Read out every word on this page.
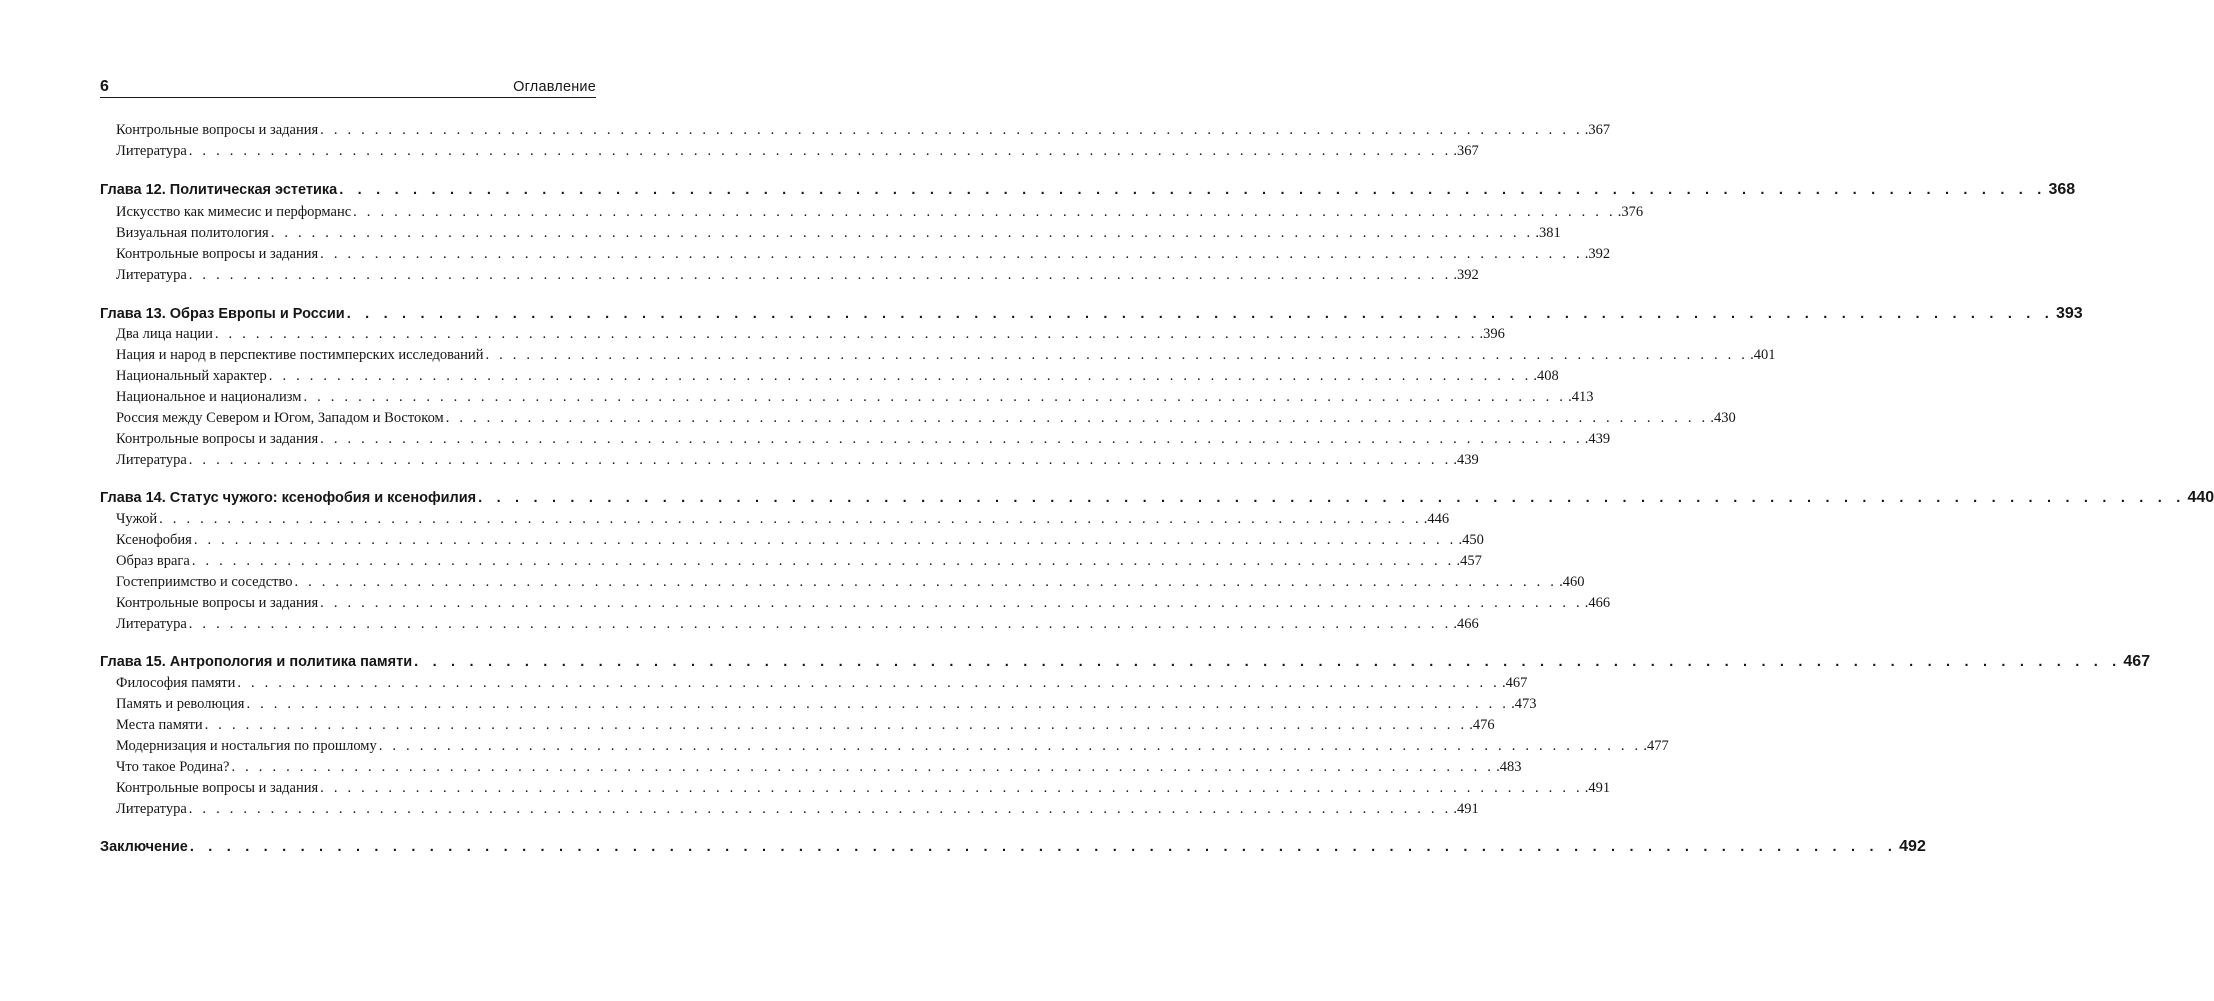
6	Оглавление
Контрольные вопросы и задания . . . . . . . . . . . . . . . . . . . . . . . . . . . . . . . . . . . . . . . . . . . . . . . . . . . . . . . . . . . . . . . . . . . . . . . . . . . . . . . . . . . . . . . . . . . . . .367
Литература . . . . . . . . . . . . . . . . . . . . . . . . . . . . . . . . . . . . . . . . . . . . . . . . . . . . . . . . . . . . . . . . . . . . . . . . . . . . . . . . . . . . . . . . . . . . . .367
Глава 12. Политическая эстетика . . . . . . . . . . . . . . . . . . . . . . . . . . . . . . . . . . . . . . . . . . . . . . . . . . . . . . . . . . . . . . . . . . . . . . . . . . . . . . . . . . . . . . . . . . . . . 368
Искусство как мимесис и перформанс . . . . . . . . . . . . . . . . . . . . . . . . . . . . . . . . . . . . . . . . . . . . . . . . . . . . . . . . . . . . . . . . . . . . . . . . . . . . . . . . . . . . . . . . . . . . . .376
Визуальная политология . . . . . . . . . . . . . . . . . . . . . . . . . . . . . . . . . . . . . . . . . . . . . . . . . . . . . . . . . . . . . . . . . . . . . . . . . . . . . . . . . . . . . . . . . . . . . .381
Контрольные вопросы и задания . . . . . . . . . . . . . . . . . . . . . . . . . . . . . . . . . . . . . . . . . . . . . . . . . . . . . . . . . . . . . . . . . . . . . . . . . . . . . . . . . . . . . . . . . . . . . .392
Литература . . . . . . . . . . . . . . . . . . . . . . . . . . . . . . . . . . . . . . . . . . . . . . . . . . . . . . . . . . . . . . . . . . . . . . . . . . . . . . . . . . . . . . . . . . . . . .392
Глава 13. Образ Европы и России . . . . . . . . . . . . . . . . . . . . . . . . . . . . . . . . . . . . . . . . . . . . . . . . . . . . . . . . . . . . . . . . . . . . . . . . . . . . . . . . . . . . . . . . . . . . . 393
Два лица нации . . . . . . . . . . . . . . . . . . . . . . . . . . . . . . . . . . . . . . . . . . . . . . . . . . . . . . . . . . . . . . . . . . . . . . . . . . . . . . . . . . . . . . . . . . . . . .396
Нация и народ в перспективе постимперских исследований . . . . . . . . . . . . . . . . . . . . . . . . . . . . . . . . . . . . . . . . . . . . . . . . . . . . . . . . . . . . . . . . . . . . . . . . . . . . . . . . . . . . . . . . . . . . . .401
Национальный характер . . . . . . . . . . . . . . . . . . . . . . . . . . . . . . . . . . . . . . . . . . . . . . . . . . . . . . . . . . . . . . . . . . . . . . . . . . . . . . . . . . . . . . . . . . . . . .408
Национальное и национализм . . . . . . . . . . . . . . . . . . . . . . . . . . . . . . . . . . . . . . . . . . . . . . . . . . . . . . . . . . . . . . . . . . . . . . . . . . . . . . . . . . . . . . . . . . . . . .413
Россия между Севером и Югом, Западом и Востоком . . . . . . . . . . . . . . . . . . . . . . . . . . . . . . . . . . . . . . . . . . . . . . . . . . . . . . . . . . . . . . . . . . . . . . . . . . . . . . . . . . . . . . . . . . . . . .430
Контрольные вопросы и задания . . . . . . . . . . . . . . . . . . . . . . . . . . . . . . . . . . . . . . . . . . . . . . . . . . . . . . . . . . . . . . . . . . . . . . . . . . . . . . . . . . . . . . . . . . . . . .439
Литература . . . . . . . . . . . . . . . . . . . . . . . . . . . . . . . . . . . . . . . . . . . . . . . . . . . . . . . . . . . . . . . . . . . . . . . . . . . . . . . . . . . . . . . . . . . . . .439
Глава 14. Статус чужого: ксенофобия и ксенофилия . . . . . . . . . . . . . . . . . . . . . . . . . . . . . . . . . . . . . . . . . . . . . . . . . . . . . . . . . . . . . . . . . . . . . . . . . . . . . . . . . . . . . . . . . . . . . 440
Чужой . . . . . . . . . . . . . . . . . . . . . . . . . . . . . . . . . . . . . . . . . . . . . . . . . . . . . . . . . . . . . . . . . . . . . . . . . . . . . . . . . . . . . . . . . . . . . .446
Ксенофобия . . . . . . . . . . . . . . . . . . . . . . . . . . . . . . . . . . . . . . . . . . . . . . . . . . . . . . . . . . . . . . . . . . . . . . . . . . . . . . . . . . . . . . . . . . . . . .450
Образ врага . . . . . . . . . . . . . . . . . . . . . . . . . . . . . . . . . . . . . . . . . . . . . . . . . . . . . . . . . . . . . . . . . . . . . . . . . . . . . . . . . . . . . . . . . . . . . .457
Гостеприимство и соседство . . . . . . . . . . . . . . . . . . . . . . . . . . . . . . . . . . . . . . . . . . . . . . . . . . . . . . . . . . . . . . . . . . . . . . . . . . . . . . . . . . . . . . . . . . . . . .460
Контрольные вопросы и задания . . . . . . . . . . . . . . . . . . . . . . . . . . . . . . . . . . . . . . . . . . . . . . . . . . . . . . . . . . . . . . . . . . . . . . . . . . . . . . . . . . . . . . . . . . . . . .466
Литература . . . . . . . . . . . . . . . . . . . . . . . . . . . . . . . . . . . . . . . . . . . . . . . . . . . . . . . . . . . . . . . . . . . . . . . . . . . . . . . . . . . . . . . . . . . . . .466
Глава 15. Антропология и политика памяти . . . . . . . . . . . . . . . . . . . . . . . . . . . . . . . . . . . . . . . . . . . . . . . . . . . . . . . . . . . . . . . . . . . . . . . . . . . . . . . . . . . . . . . . . . . . . 467
Философия памяти . . . . . . . . . . . . . . . . . . . . . . . . . . . . . . . . . . . . . . . . . . . . . . . . . . . . . . . . . . . . . . . . . . . . . . . . . . . . . . . . . . . . . . . . . . . . . .467
Память и революция . . . . . . . . . . . . . . . . . . . . . . . . . . . . . . . . . . . . . . . . . . . . . . . . . . . . . . . . . . . . . . . . . . . . . . . . . . . . . . . . . . . . . . . . . . . . . .473
Места памяти . . . . . . . . . . . . . . . . . . . . . . . . . . . . . . . . . . . . . . . . . . . . . . . . . . . . . . . . . . . . . . . . . . . . . . . . . . . . . . . . . . . . . . . . . . . . . .476
Модернизация и ностальгия по прошлому . . . . . . . . . . . . . . . . . . . . . . . . . . . . . . . . . . . . . . . . . . . . . . . . . . . . . . . . . . . . . . . . . . . . . . . . . . . . . . . . . . . . . . . . . . . . . .477
Что такое Родина? . . . . . . . . . . . . . . . . . . . . . . . . . . . . . . . . . . . . . . . . . . . . . . . . . . . . . . . . . . . . . . . . . . . . . . . . . . . . . . . . . . . . . . . . . . . . . .483
Контрольные вопросы и задания . . . . . . . . . . . . . . . . . . . . . . . . . . . . . . . . . . . . . . . . . . . . . . . . . . . . . . . . . . . . . . . . . . . . . . . . . . . . . . . . . . . . . . . . . . . . . .491
Литература . . . . . . . . . . . . . . . . . . . . . . . . . . . . . . . . . . . . . . . . . . . . . . . . . . . . . . . . . . . . . . . . . . . . . . . . . . . . . . . . . . . . . . . . . . . . . .491
Заключение . . . . . . . . . . . . . . . . . . . . . . . . . . . . . . . . . . . . . . . . . . . . . . . . . . . . . . . . . . . . . . . . . . . . . . . . . . . . . . . . . . . . . . . . . . . . . 492
